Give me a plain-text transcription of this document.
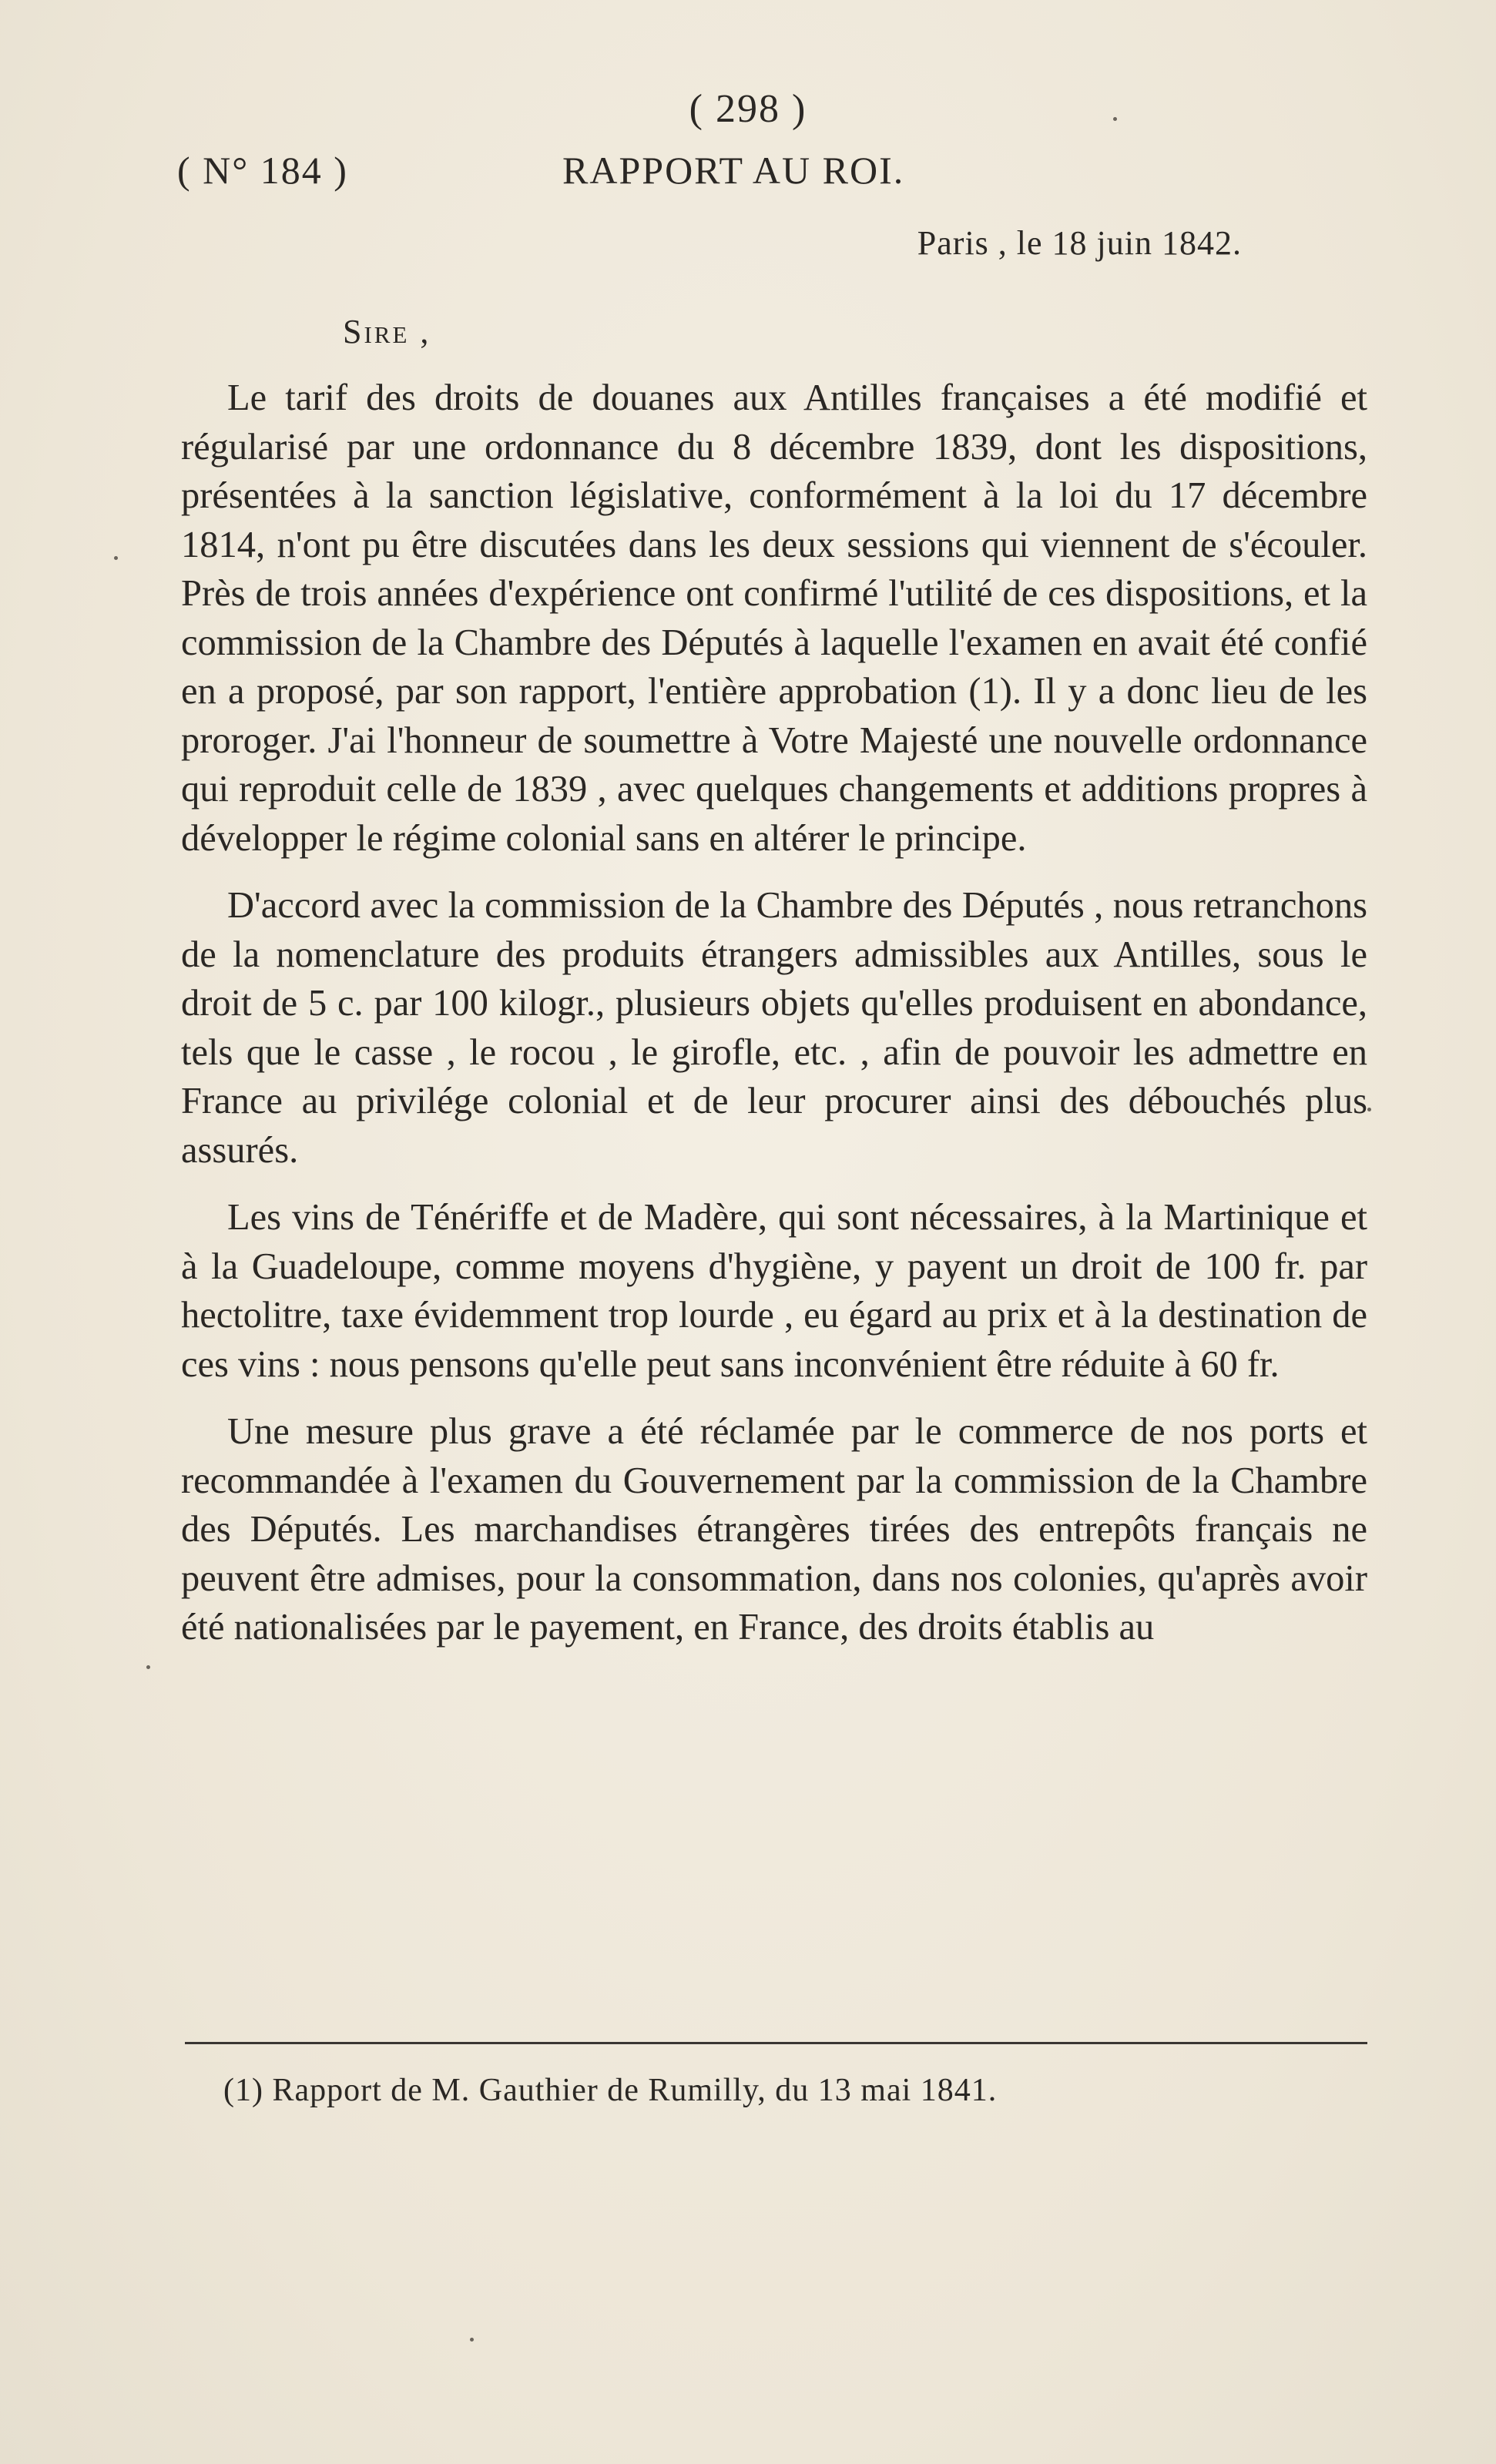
( 298 )
( N° 184 )	RAPPORT AU ROI.
Paris , le 18 juin 1842.
Sire ,

Le tarif des droits de douanes aux Antilles françaises a été modifié et régularisé par une ordonnance du 8 décembre 1839, dont les dispositions, présentées à la sanction législative, conformément à la loi du 17 décembre 1814, n'ont pu être discutées dans les deux sessions qui viennent de s'écouler. Près de trois années d'expérience ont confirmé l'utilité de ces dispositions, et la commission de la Chambre des Députés à laquelle l'examen en avait été confié en a proposé, par son rapport, l'entière approbation (1). Il y a donc lieu de les proroger. J'ai l'honneur de soumettre à Votre Majesté une nouvelle ordonnance qui reproduit celle de 1839 , avec quelques changements et additions propres à développer le régime colonial sans en altérer le principe.

D'accord avec la commission de la Chambre des Députés , nous retranchons de la nomenclature des produits étrangers admissibles aux Antilles, sous le droit de 5 c. par 100 kilogr., plusieurs objets qu'elles produisent en abondance, tels que le casse , le rocou , le girofle, etc. , afin de pouvoir les admettre en France au privilége colonial et de leur procurer ainsi des débouchés plus assurés.

Les vins de Ténériffe et de Madère, qui sont nécessaires, à la Martinique et à la Guadeloupe, comme moyens d'hygiène, y payent un droit de 100 fr. par hectolitre, taxe évidemment trop lourde , eu égard au prix et à la destination de ces vins : nous pensons qu'elle peut sans inconvénient être réduite à 60 fr.

Une mesure plus grave a été réclamée par le commerce de nos ports et recommandée à l'examen du Gouvernement par la commission de la Chambre des Députés. Les marchandises étrangères tirées des entrepôts français ne peuvent être admises, pour la consommation, dans nos colonies, qu'après avoir été nationalisées par le payement, en France, des droits établis au

(1) Rapport de M. Gauthier de Rumilly, du 13 mai 1841.
